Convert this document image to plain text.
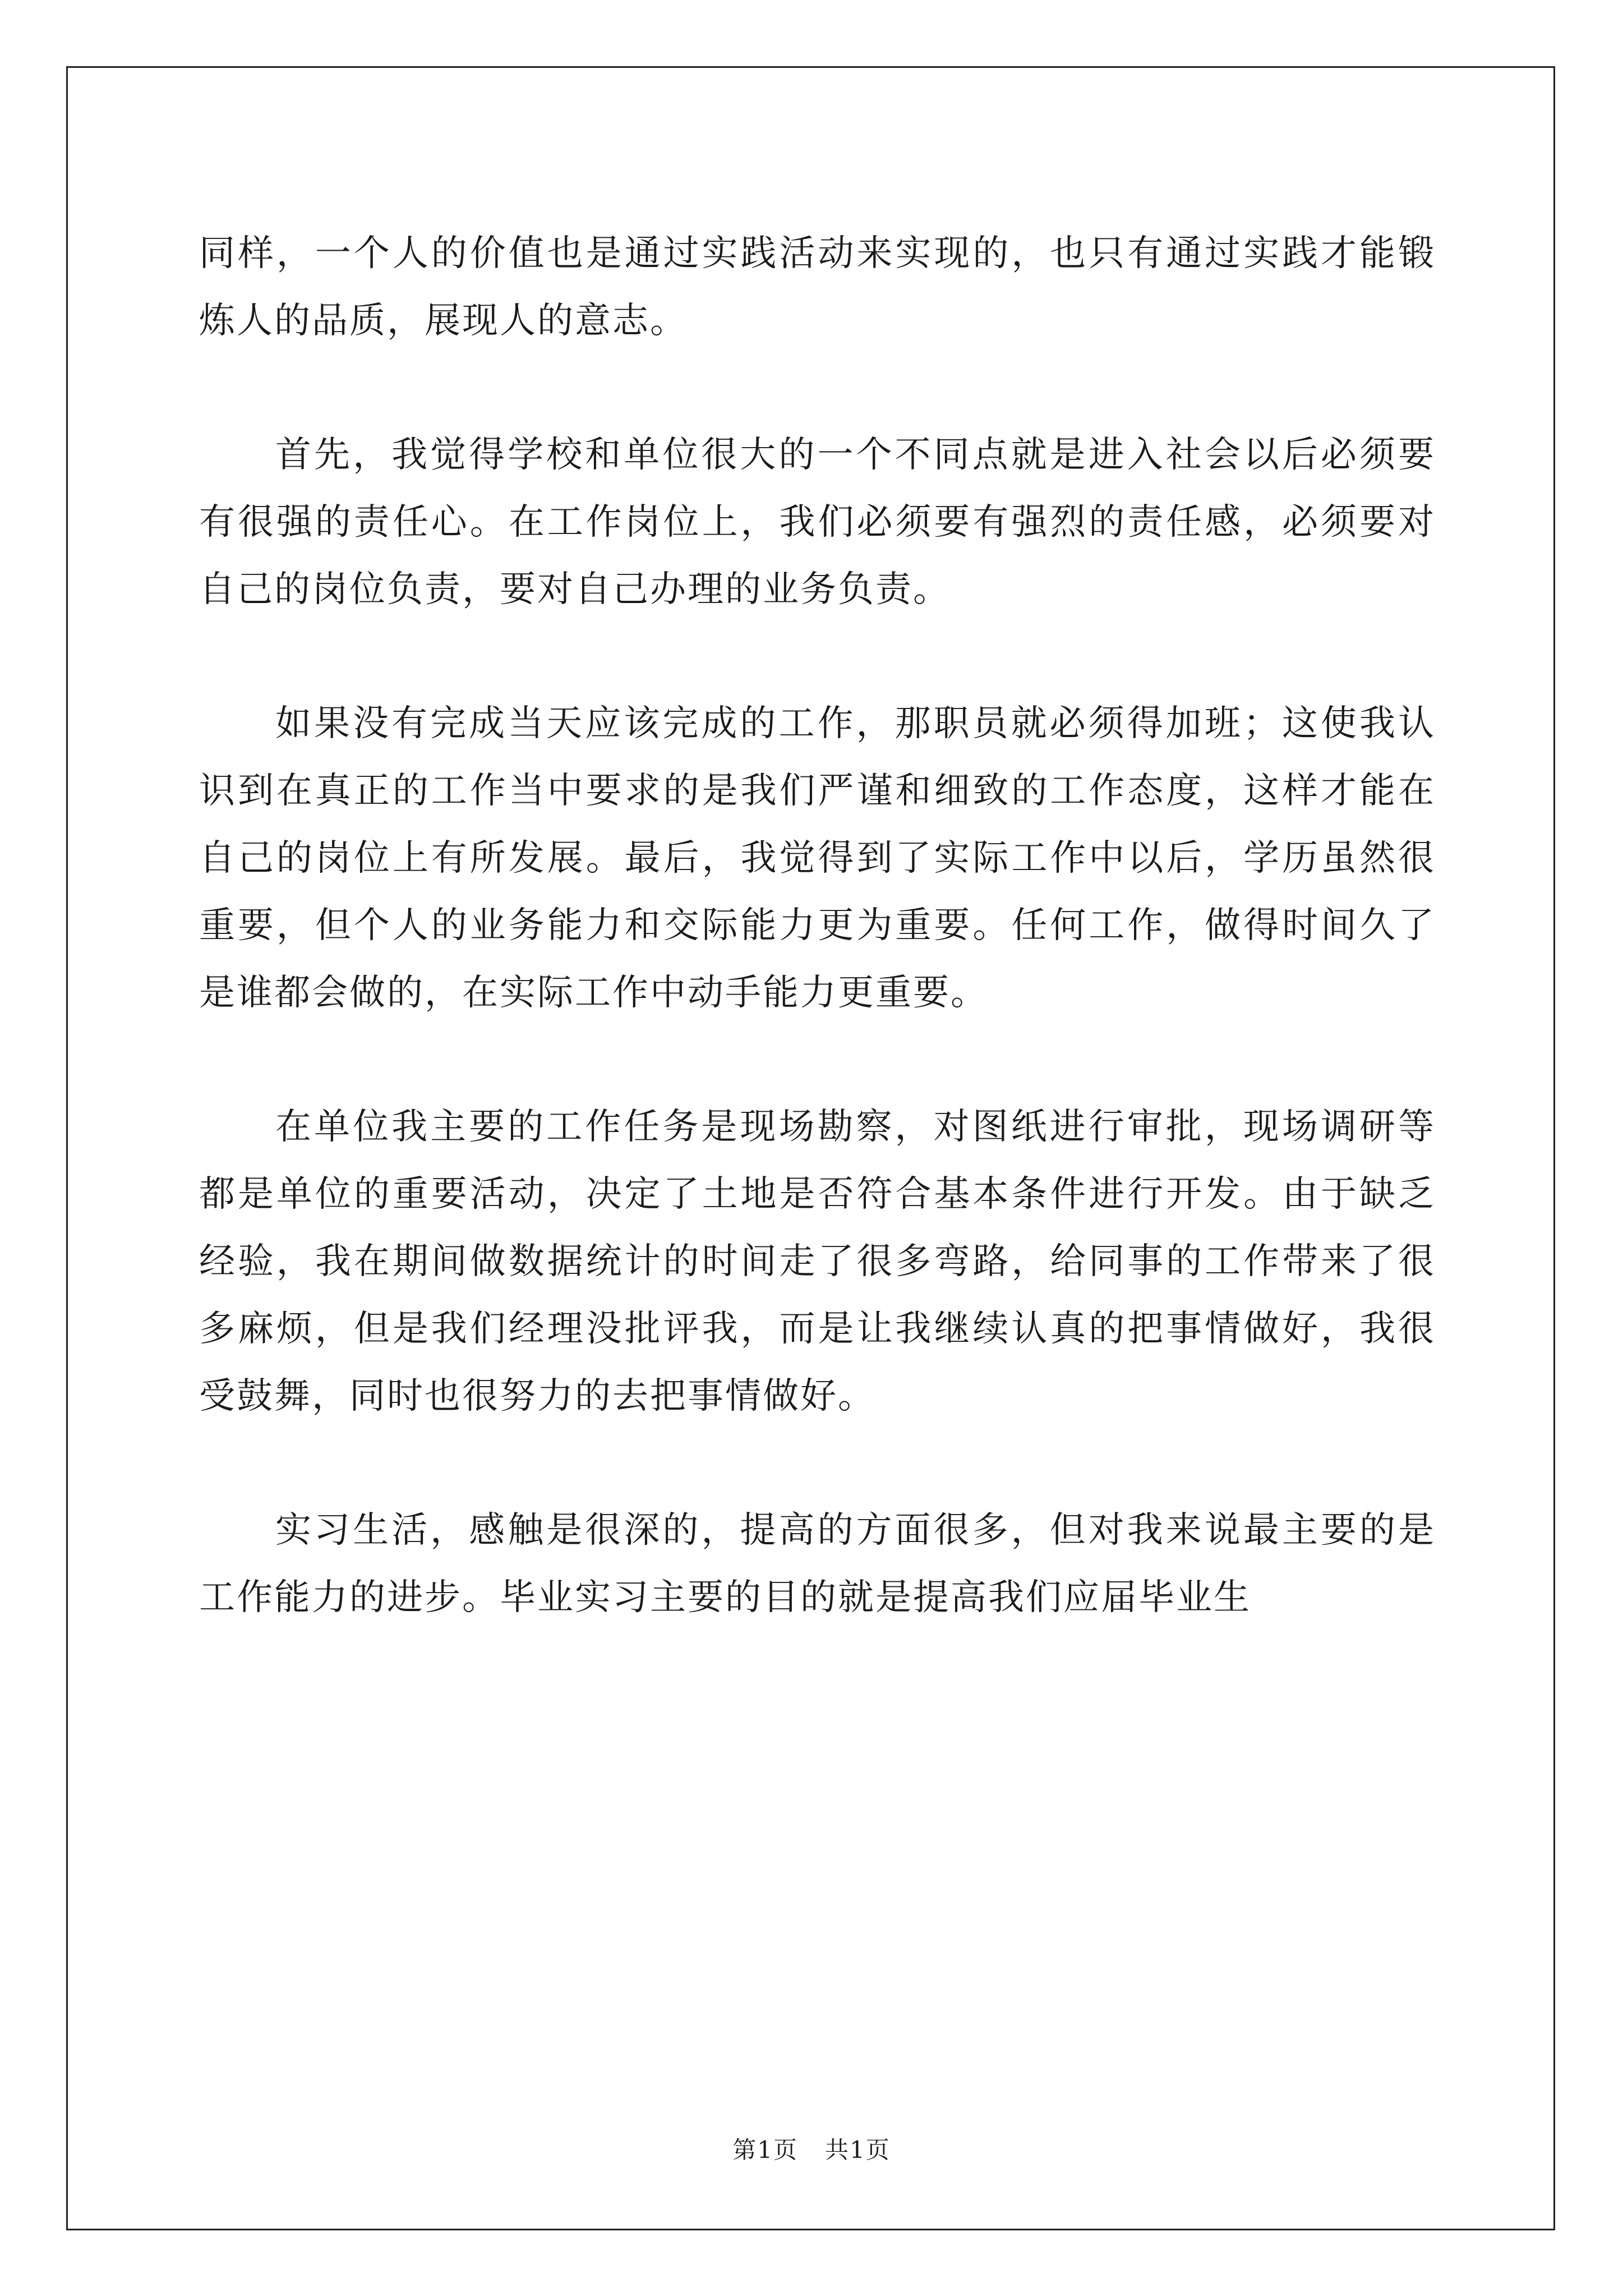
同样，一个人的价值也是通过实践活动来实现的，也只有通过实践才能锻炼人的品质，展现人的意志。

首先，我觉得学校和单位很大的一个不同点就是进入社会以后必须要有很强的责任心。在工作岗位上，我们必须要有强烈的责任感，必须要对自己的岗位负责，要对自己办理的业务负责。

如果没有完成当天应该完成的工作，那职员就必须得加班；这使我认识到在真正的工作当中要求的是我们严谨和细致的工作态度，这样才能在自己的岗位上有所发展。最后，我觉得到了实际工作中以后，学历虽然很重要，但个人的业务能力和交际能力更为重要。任何工作，做得时间久了是谁都会做的，在实际工作中动手能力更重要。

在单位我主要的工作任务是现场勘察，对图纸进行审批，现场调研等都是单位的重要活动，决定了土地是否符合基本条件进行开发。由于缺乏经验，我在期间做数据统计的时间走了很多弯路，给同事的工作带来了很多麻烦，但是我们经理没批评我，而是让我继续认真的把事情做好，我很受鼓舞，同时也很努力的去把事情做好。

实习生活，感触是很深的，提高的方面很多，但对我来说最主要的是工作能力的进步。毕业实习主要的目的就是提高我们应届毕业生

第1页 共1页
